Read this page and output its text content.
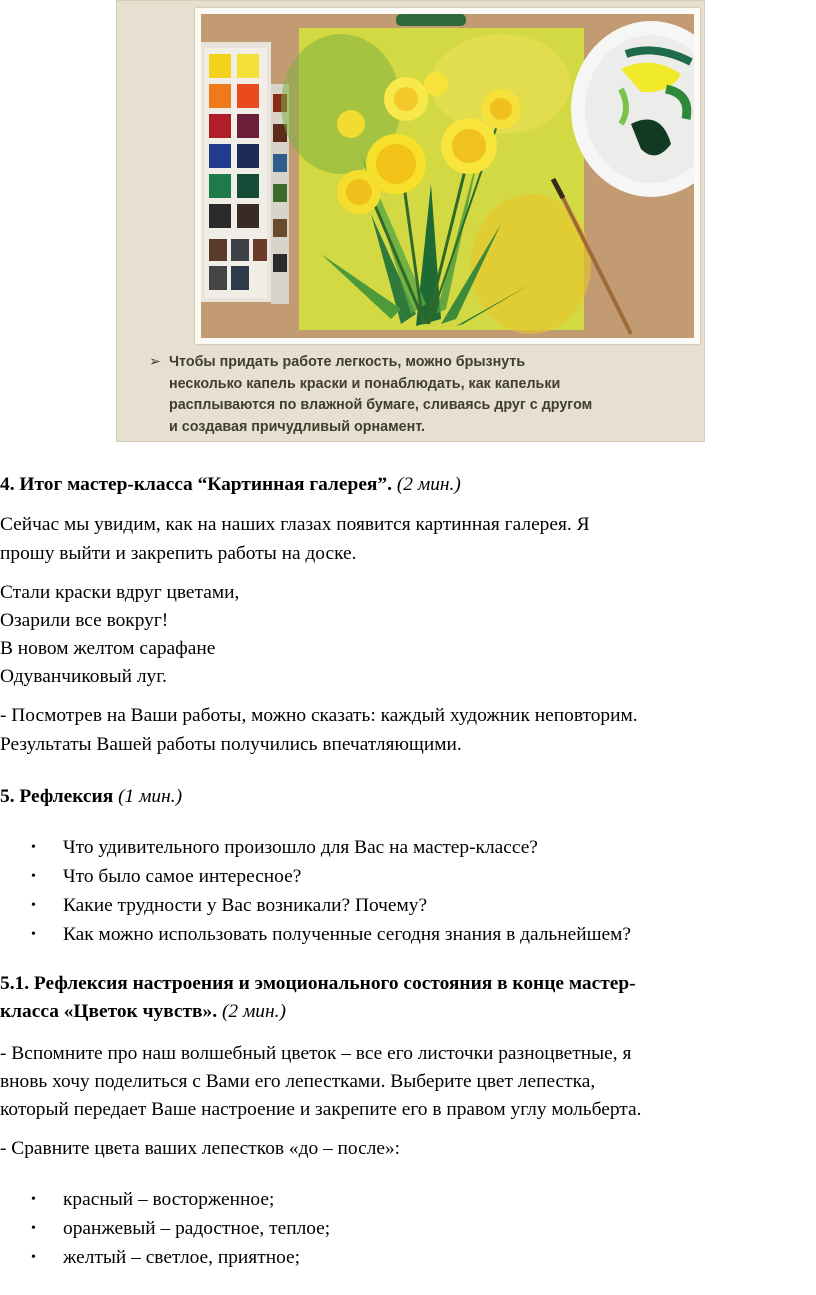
➢ Чтобы придать работе легкость, можно брызнуть
несколько капель краски и понаблюдать, как капельки
расплываются по влажной бумаге, сливаясь друг с другом
и создавая причудливый орнамент.
4. Итог мастер-класса “Картинная галерея”. (2 мин.)
Сейчас мы увидим, как на наших глазах появится картинная галерея. Я
прошу выйти и закрепить работы на доске.
Стали краски вдруг цветами,
Озарили все вокруг!
В новом желтом сарафане
Одуванчиковый луг.
- Посмотрев на Ваши работы, можно сказать: каждый художник неповторим.
Результаты Вашей работы получились впечатляющими.
5. Рефлексия (1 мин.)
• Что удивительного произошло для Вас на мастер-классе?
• Что было самое интересное?
• Какие трудности у Вас возникали? Почему?
• Как можно использовать полученные сегодня знания в дальнейшем?
5.1. Рефлексия настроения и эмоционального состояния в конце мастер-
класса «Цветок чувств». (2 мин.)
- Вспомните про наш волшебный цветок – все его листочки разноцветные, я
вновь хочу поделиться с Вами его лепестками. Выберите цвет лепестка,
который передает Ваше настроение и закрепите его в правом углу мольберта.
- Сравните цвета ваших лепестков «до – после»:
• красный – восторженное;
• оранжевый – радостное, теплое;
• желтый – светлое, приятное;
